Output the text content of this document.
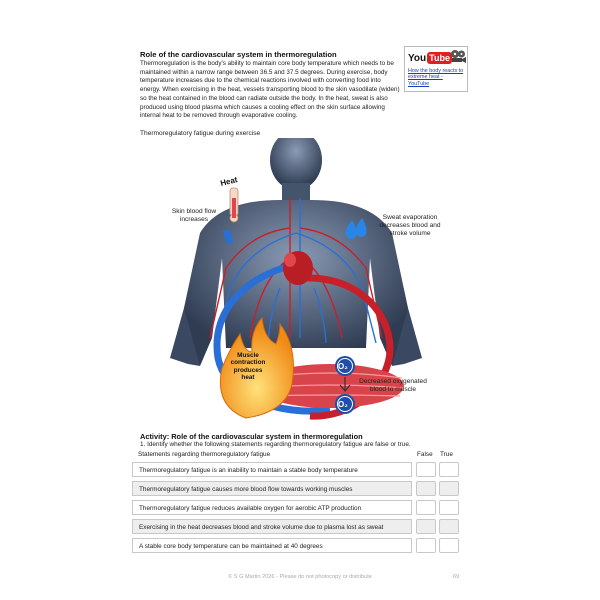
Role of the cardiovascular system in thermoregulation

Thermoregulation is the body's ability to maintain core body temperature which needs to be maintained within a narrow range between 36.5 and 37.5 degrees. During exercise, body temperature increases due to the chemical reactions involved with converting food into energy. When exercising in the heat, vessels transporting blood to the skin vasodilate (widen) so the heat contained in the blood can radiate outside the body. In the heat, sweat is also produced using blood plasma which causes a cooling effect on the skin surface allowing internal heat to be removed through evaporative cooling.

You Tube
How the body reacts to extreme heat - YouTube

Thermoregulatory fatigue during exercise

O₂
O₂
Heat
Skin blood flow increases	Sweat evaporation decreases blood and stroke volume
Muscle contraction produces heat
Decreased oxygenated blood to muscle
Activity: Role of the cardiovascular system in thermoregulation

1. Identify whether the following statements regarding thermoregulatory fatigue are false or true.

Statements regarding thermoregulatory fatigue	False True
Thermoregulatory fatigue is an inability to maintain a stable body temperature
Thermoregulatory fatigue causes more blood flow towards working muscles
Thermoregulatory fatigue reduces available oxygen for aerobic ATP production
Exercising in the heat decreases blood and stroke volume due to plasma lost as sweat
A stable core body temperature can be maintained at 40 degrees
© S G Martin 2026 - Please do not photocopy or distribute	69
